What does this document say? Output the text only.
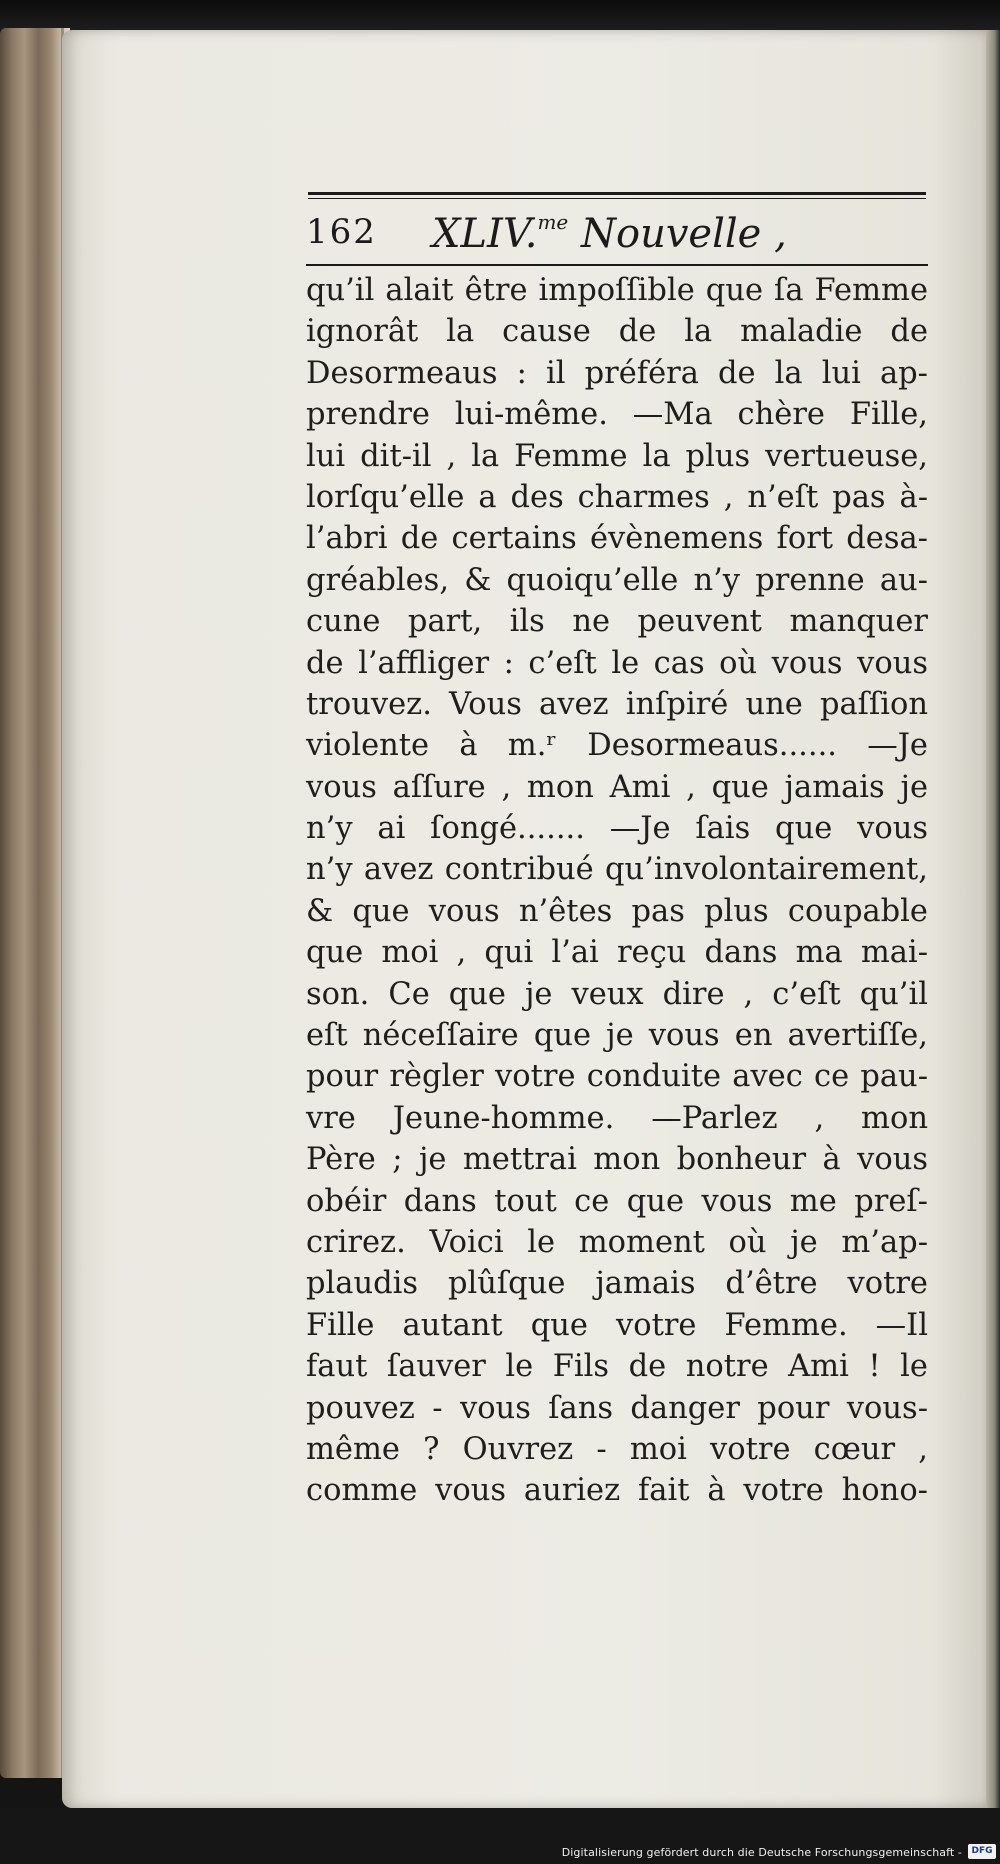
162 XLIV.$^{me}$ Nouvelle ,
qu’il alait être impoſſible que ſa Femme
ignorât la cause de la maladie de
Desormeaus : il préféra de la lui ap-
prendre lui-même. —Ma chère Fille,
lui dit-il , la Femme la plus vertueuse,
lorſqu’elle a des charmes , n’eſt pas à-
l’abri de certains évènemens fort desa-
gréables, & quoiqu’elle n’y prenne au-
cune part, ils ne peuvent manquer
de l’affliger : c’eſt le cas où vous vous
trouvez. Vous avez inſpiré une paſſion
violente à m.ʳ Desormeaus...... —Je
vous aſſure , mon Ami , que jamais je
n’y ai ſongé....... —Je ſais que vous
n’y avez contribué qu’involontairement,
& que vous n’êtes pas plus coupable
que moi , qui l’ai reçu dans ma mai-
son. Ce que je veux dire , c’eſt qu’il
eſt néceſſaire que je vous en avertiſſe,
pour règler votre conduite avec ce pau-
vre Jeune-homme. —Parlez , mon
Père ; je mettrai mon bonheur à vous
obéir dans tout ce que vous me preſ-
crirez. Voici le moment où je m’ap-
plaudis plûſque jamais d’être votre
Fille autant que votre Femme. —Il
faut ſauver le Fils de notre Ami ! le
pouvez - vous ſans danger pour vous-
même ? Ouvrez - moi votre cœur ,
comme vous auriez fait à votre hono-
Digitalisierung gefördert durch die Deutsche Forschungsgemeinschaft -	DFG
